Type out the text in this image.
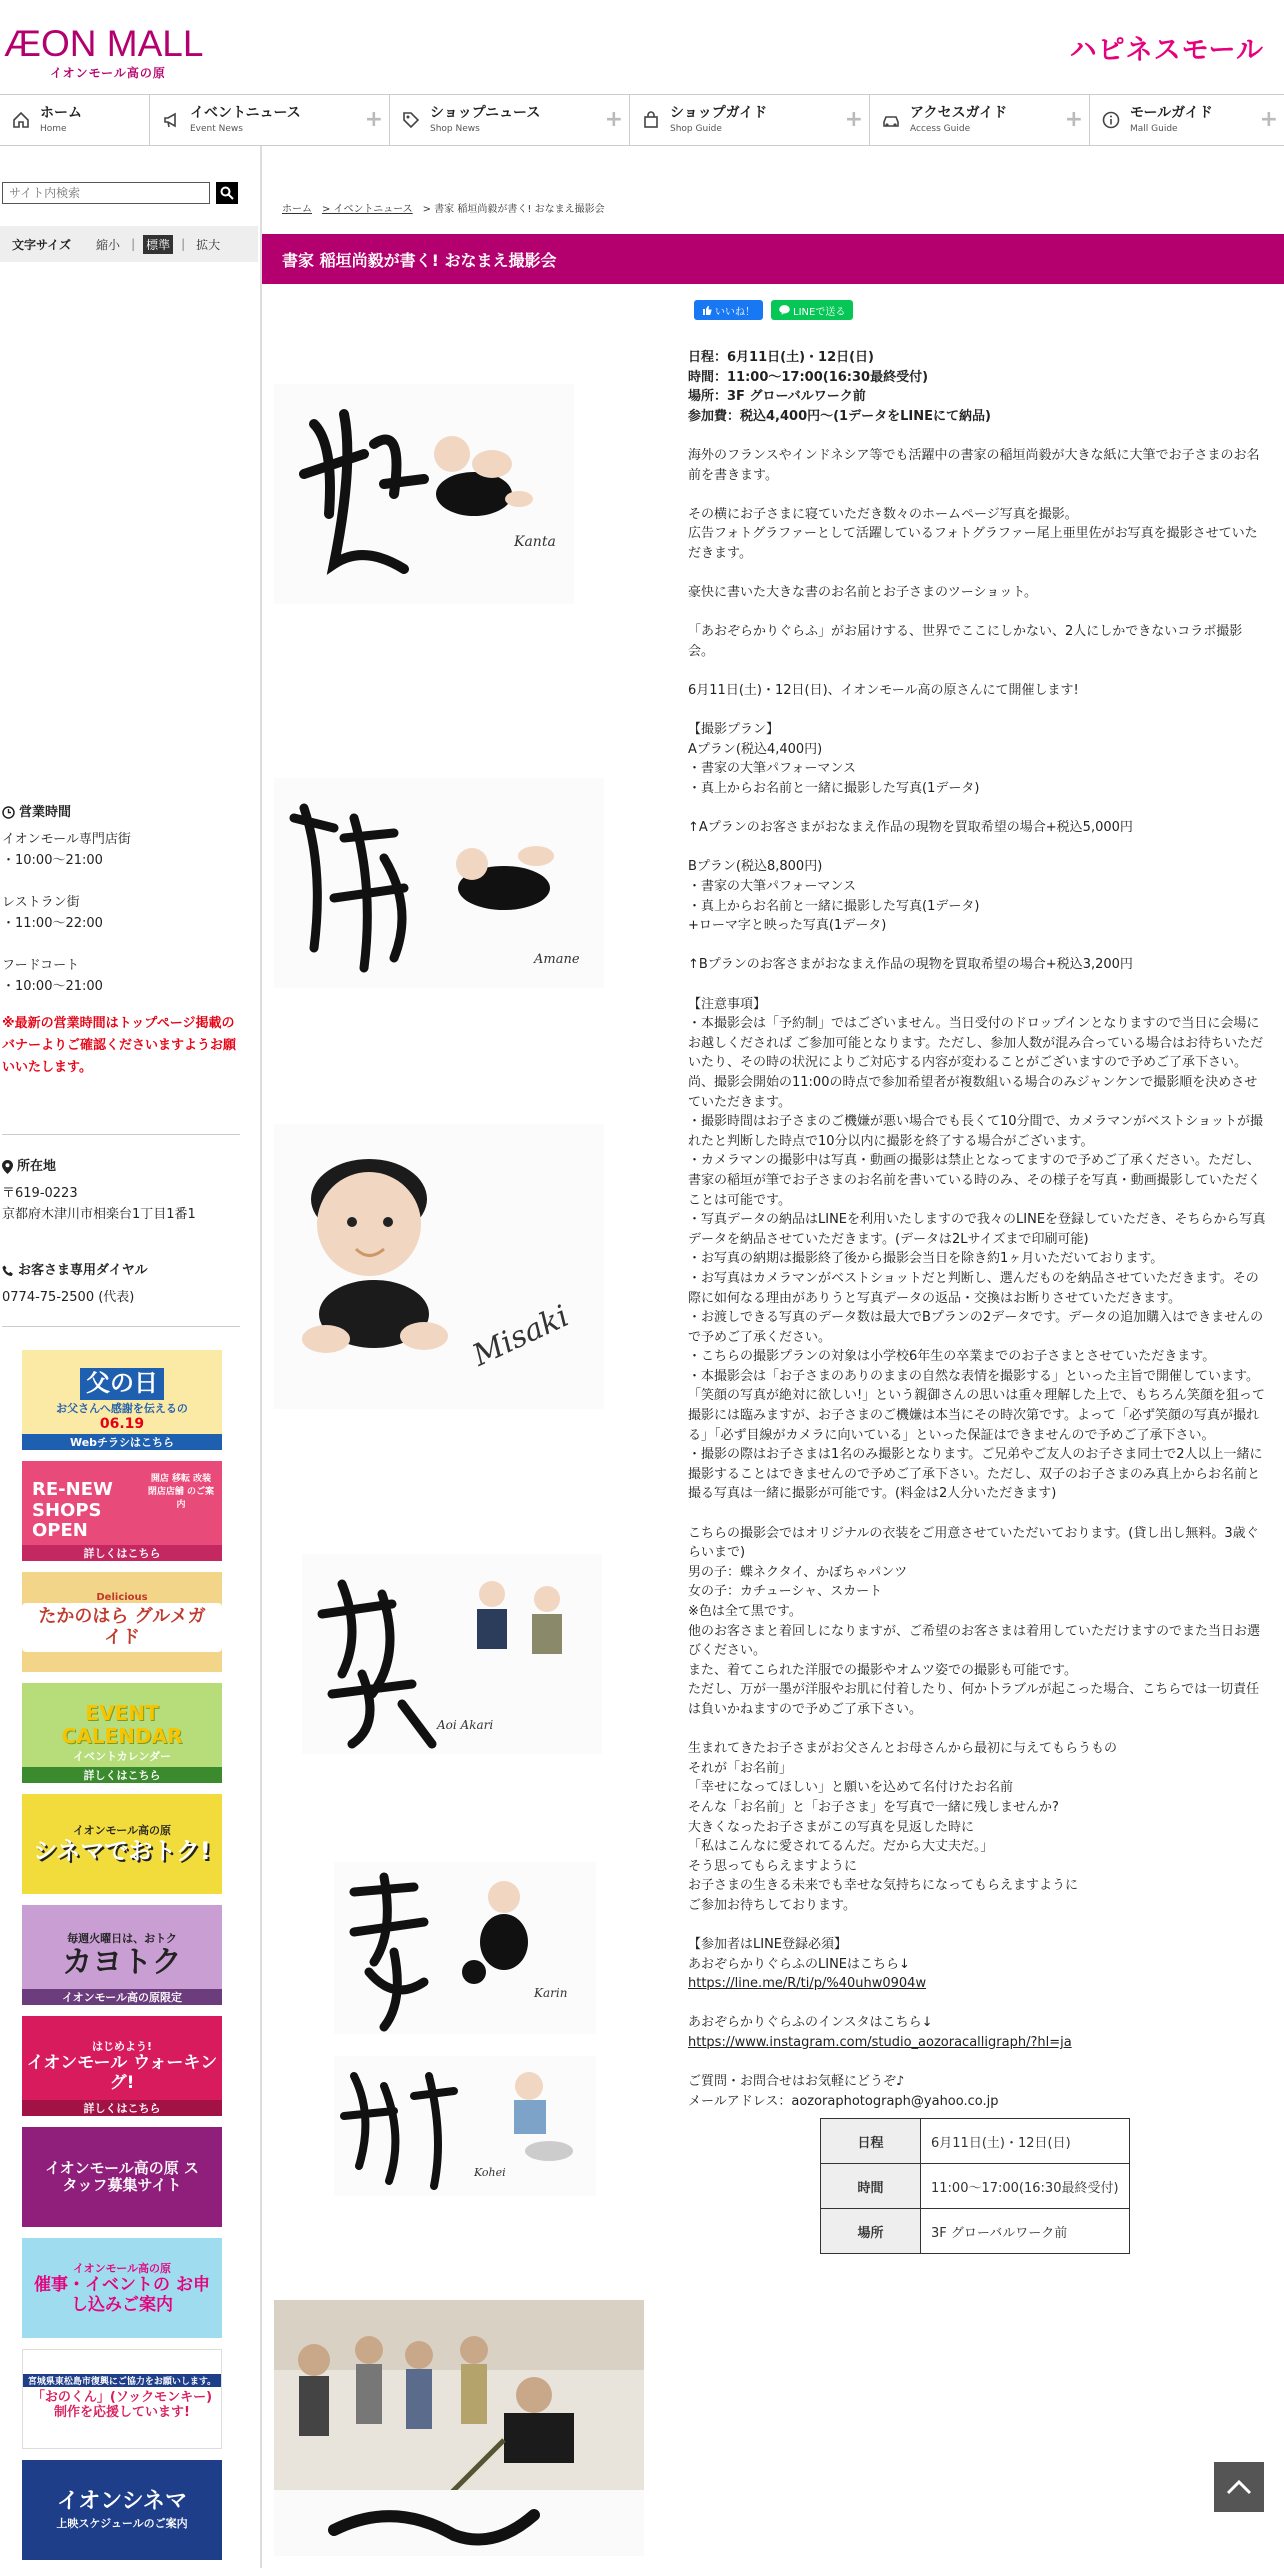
ÆON MALL
イオンモール高の原
ハピネスモール
ホーム
Home
イベントニュース
Event News	+	ショップニュース
Shop News	+	ショップガイド
Shop Guide	+	アクセスガイド
Access Guide	+	モールガイド
Mall Guide	+
サイト内検索
文字サイズ 縮小 | 標準 | 拡大
営業時間
イオンモール専門店街
・10:00～21:00
レストラン街
・11:00～22:00
フードコート
・10:00～21:00
※最新の営業時間はトップページ掲載のバナーよりご確認くださいますようお願いいたします。
所在地
〒619-0223
京都府木津川市相楽台1丁目1番1
お客さま専用ダイヤル
0774-75-2500 (代表)
父の日
お父さんへ感謝を伝えるの
06.19
Webチラシはこちら
RE-NEW SHOPS OPEN
開店 移転 改装 閉店店舗 のご案内
詳しくはこちら
Delicious
たかのはら グルメガイド
EVENT CALENDAR
イベントカレンダー
詳しくはこちら
イオンモール高の原
シネマでおトク!
毎週火曜日は、おトク
カヨトク
イオンモール高の原限定
はじめよう!
イオンモール ウォーキング!
詳しくはこちら
イオンモール高の原 スタッフ募集サイト
イオンモール高の原
催事・イベントの お申し込みご案内
宮城県東松島市復興にご協力をお願いします。
「おのくん」(ソックモンキー) 制作を応援しています!
イオンシネマ
上映スケジュールのご案内
ホーム > イベントニュース > 書家 稲垣尚毅が書く! おなまえ撮影会
書家 稲垣尚毅が書く! おなまえ撮影会
いいね！	LINEで送る
Kanta
Amane
Misaki
Aoi Akari
Karin
Kohei

日程：6月11日(土)・12日(日)

時間：11:00～17:00(16:30最終受付)

場所：3F グローバルワーク前

参加費：税込4,400円～(1データをLINEにて納品)

海外のフランスやインドネシア等でも活躍中の書家の稲垣尚毅が大きな紙に大筆でお子さまのお名前を書きます。

その横にお子さまに寝ていただき数々のホームページ写真を撮影。

広告フォトグラファーとして活躍しているフォトグラファー尾上亜里佐がお写真を撮影させていただきます。

豪快に書いた大きな書のお名前とお子さまのツーショット。

「あおぞらかりぐらふ」がお届けする、世界でここにしかない、2人にしかできないコラボ撮影会。

6月11日(土)・12日(日)、イオンモール高の原さんにて開催します!

【撮影プラン】

Aプラン(税込4,400円)

・書家の大筆パフォーマンス

・真上からお名前と一緒に撮影した写真(1データ)

↑Aプランのお客さまがおなまえ作品の現物を買取希望の場合+税込5,000円

Bプラン(税込8,800円)

・書家の大筆パフォーマンス

・真上からお名前と一緒に撮影した写真(1データ)

+ローマ字と映った写真(1データ)

↑Bプランのお客さまがおなまえ作品の現物を買取希望の場合+税込3,200円

【注意事項】

・本撮影会は「予約制」ではございません。当日受付のドロップインとなりますので当日に会場にお越しくだされば ご参加可能となります。ただし、参加人数が混み合っている場合はお待ちいただいたり、その時の状況によりご対応する内容が変わることがございますので予めご了承下さい。尚、撮影会開始の11:00の時点で参加希望者が複数組いる場合のみジャンケンで撮影順を決めさせていただきます。

・撮影時間はお子さまのご機嫌が悪い場合でも長くて10分間で、カメラマンがベストショットが撮れたと判断した時点で10分以内に撮影を終了する場合がございます。

・カメラマンの撮影中は写真・動画の撮影は禁止となってますので予めご了承ください。ただし、書家の稲垣が筆でお子さまのお名前を書いている時のみ、その様子を写真・動画撮影していただくことは可能です。

・写真データの納品はLINEを利用いたしますので我々のLINEを登録していただき、そちらから写真データを納品させていただきます。(データは2Lサイズまで印刷可能)

・お写真の納期は撮影終了後から撮影会当日を除き約1ヶ月いただいております。

・お写真はカメラマンがベストショットだと判断し、選んだものを納品させていただきます。その際に如何なる理由がありうと写真データの返品・交換はお断りさせていただきます。

・お渡しできる写真のデータ数は最大でBプランの2データです。データの追加購入はできませんので予めご了承ください。

・こちらの撮影プランの対象は小学校6年生の卒業までのお子さまとさせていただきます。

・本撮影会は「お子さまのありのままの自然な表情を撮影する」といった主旨で開催しています。「笑顔の写真が絶対に欲しい!」という親御さんの思いは重々理解した上で、もちろん笑顔を狙って撮影には臨みますが、お子さまのご機嫌は本当にその時次第です。よって「必ず笑顔の写真が撮れる」「必ず目線がカメラに向いている」といった保証はできませんので予めご了承下さい。

・撮影の際はお子さまは1名のみ撮影となります。ご兄弟やご友人のお子さま同士で2人以上一緒に撮影することはできませんので予めご了承下さい。ただし、双子のお子さまのみ真上からお名前と撮る写真は一緒に撮影が可能です。(料金は2人分いただきます)

こちらの撮影会ではオリジナルの衣装をご用意させていただいております。(貸し出し無料。3歳ぐらいまで)

男の子：蝶ネクタイ、かぼちゃパンツ

女の子：カチューシャ、スカート

※色は全て黒です。

他のお客さまと着回しになりますが、ご希望のお客さまは着用していただけますのでまた当日お選びください。

また、着てこられた洋服での撮影やオムツ姿での撮影も可能です。

ただし、万が一墨が洋服やお肌に付着したり、何か卜ラブルが起こった場合、こちらでは一切責任は負いかねますので予めご了承下さい。

生まれてきたお子さまがお父さんとお母さんから最初に与えてもらうもの

それが「お名前」

「幸せになってほしい」と願いを込めて名付けたお名前

そんな「お名前」と「お子さま」を写真で一緒に残しませんか?

大きくなったお子さまがこの写真を見返した時に

「私はこんなに愛されてるんだ。だから大丈夫だ。」

そう思ってもらえますように

お子さまの生きる未来でも幸せな気持ちになってもらえますように

ご参加お待ちしております。

【参加者はLINE登録必須】

あおぞらかりぐらふのLINEはこちら↓

https://line.me/R/ti/p/%40uhw0904w

あおぞらかりぐらふのインスタはこちら↓

https://www.instagram.com/studio_aozoracalligraph/?hl=ja

ご質問・お問合せはお気軽にどうぞ♪

メールアドレス：aozoraphotograph@yahoo.co.jp

日程	6月11日(土)・12日(日)
時間	11:00～17:00(16:30最終受付)
場所	3F グローバルワーク前
